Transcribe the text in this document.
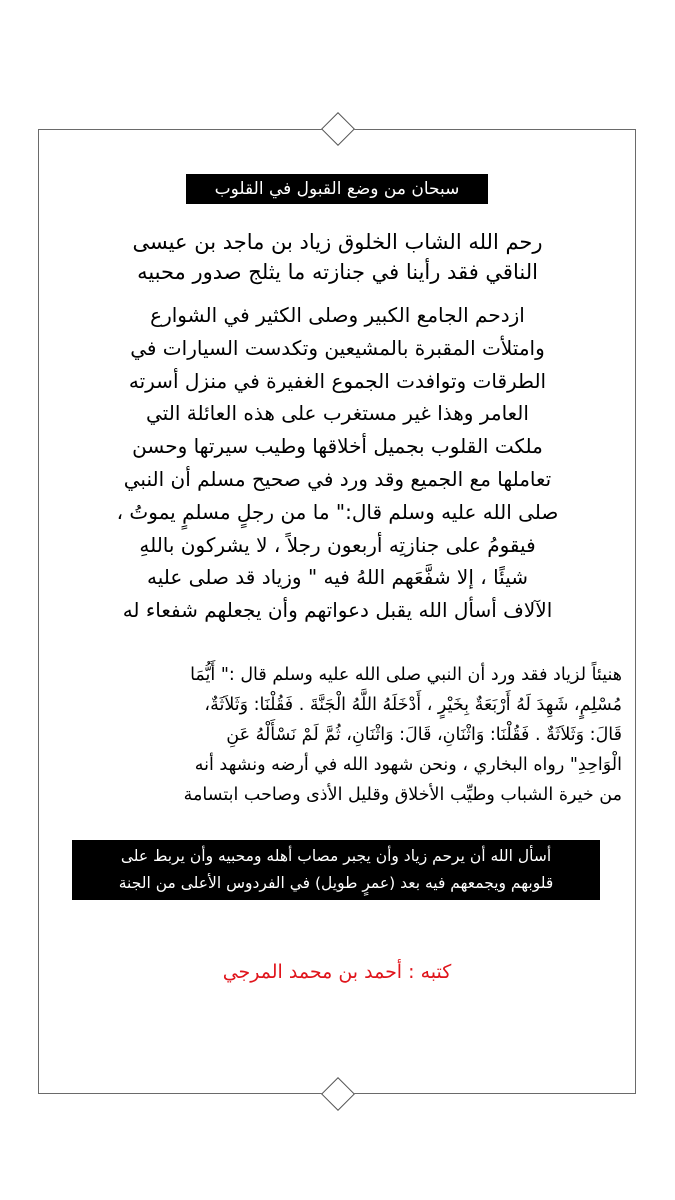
سبحان من وضع القبول في القلوب
رحم الله الشاب الخلوق زياد بن ماجد بن عيسى
الناقي فقد رأينا في جنازته ما يثلج صدور محبيه
ازدحم الجامع الكبير وصلى الكثير في الشوارع
وامتلأت المقبرة بالمشيعين وتكدست السيارات في
الطرقات وتوافدت الجموع الغفيرة في منزل أسرته
العامر وهذا غير مستغرب على هذه العائلة التي
ملكت القلوب بجميل أخلاقها وطيب سيرتها وحسن
تعاملها مع الجميع وقد ورد في صحيح مسلم أن النبي
صلى الله عليه وسلم قال:" ما من رجلٍ مسلمٍ يموتُ ،
فيقومُ على جنازتِه أربعون رجلاً ، لا يشركون باللهِ
شيئًا ، إلا شفَّعَهم اللهُ فيه " وزياد قد صلى عليه
الآلاف أسأل الله يقبل دعواتهم وأن يجعلهم شفعاء له
هنيئاً لزياد فقد ورد أن النبي صلى الله عليه وسلم قال :" أَيُّمَا
مُسْلِمٍ، شَهِدَ لَهُ أَرْبَعَةٌ بِخَيْرٍ ، أَدْخَلَهُ اللَّهُ الْجَنَّةَ . فَقُلْنَا: وَثَلاَثَةٌ،
قَالَ: وَثَلاَثَةٌ . فَقُلْنَا: وَاثْنَانِ، قَالَ: وَاثْنَانِ، ثُمَّ لَمْ نَسْأَلْهُ عَنِ
الْوَاحِدِ" رواه البخاري ، ونحن شهود الله في أرضه ونشهد أنه
من خيرة الشباب وطيِّب الأخلاق وقليل الأذى وصاحب ابتسامة
أسأل الله أن يرحم زياد وأن يجبر مصاب أهله ومحبيه وأن يربط على
قلوبهم ويجمعهم فيه بعد (عمرٍ طويل) في الفردوس الأعلى من الجنة
كتبه : أحمد بن محمد المرجي
